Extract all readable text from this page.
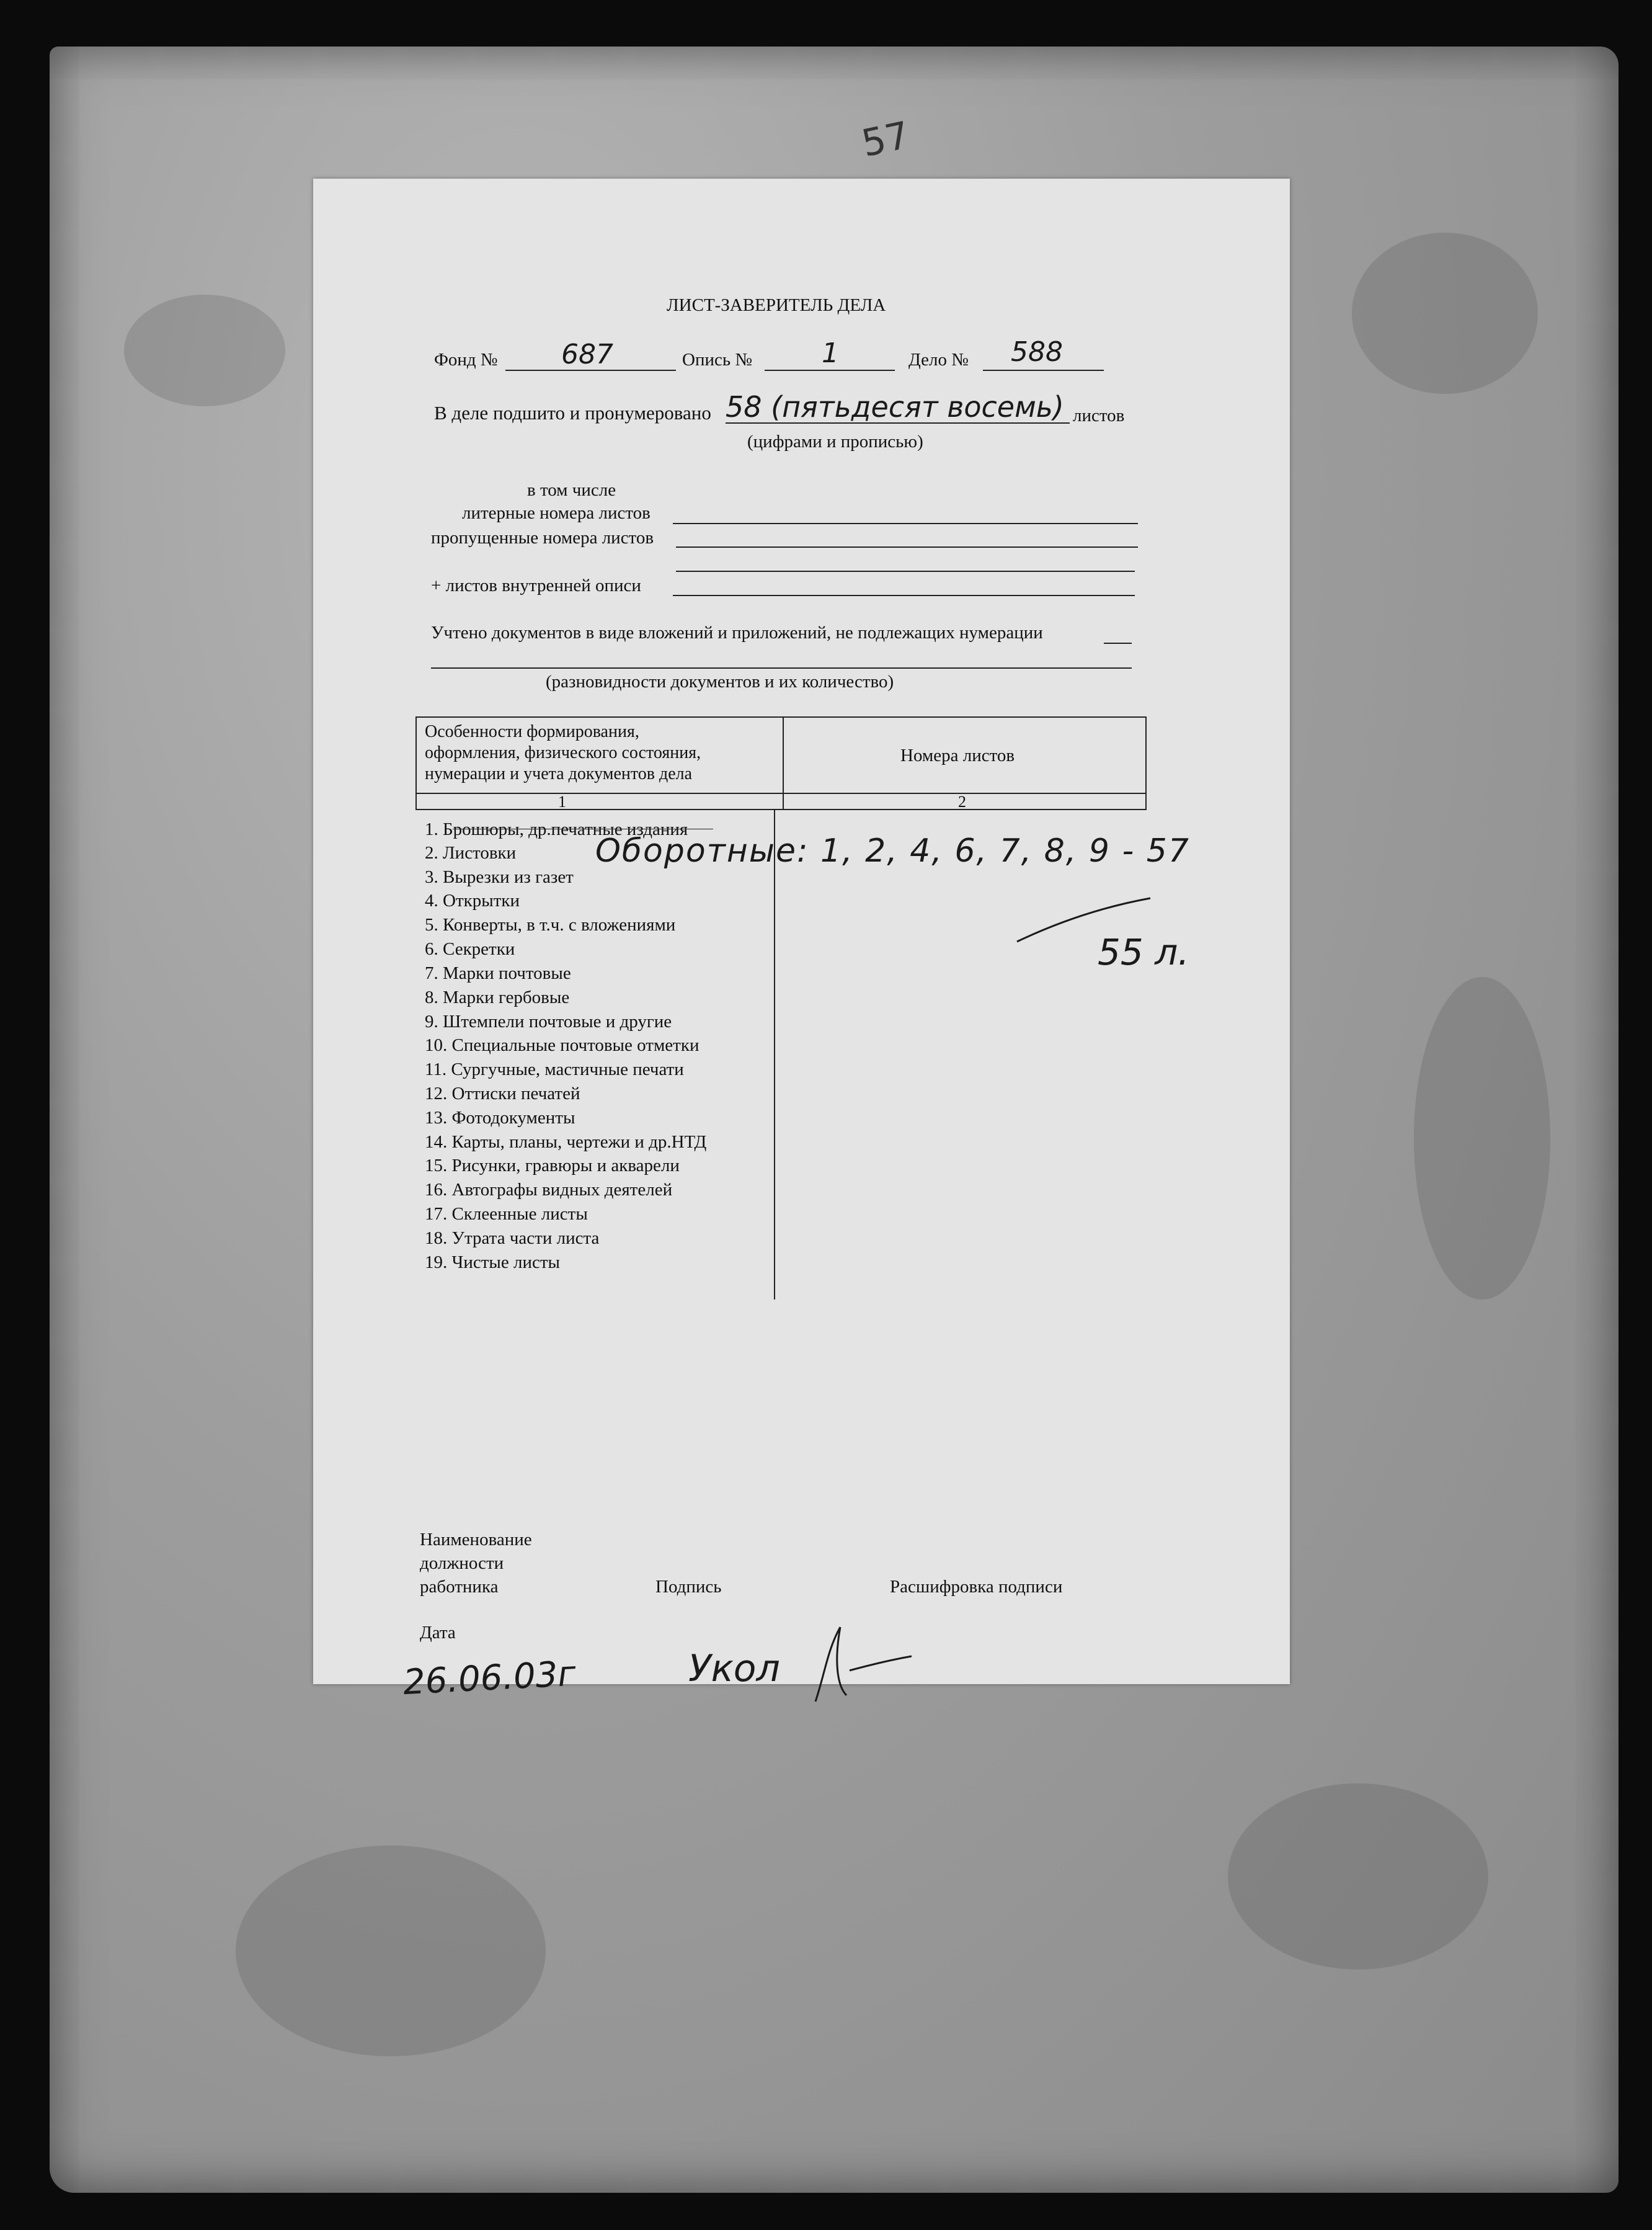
57
ЛИСТ-ЗАВЕРИТЕЛЬ ДЕЛА
Фонд № 687	Опись №	1	Дело № 588
В деле подшито и пронумеровано 58 (пятьдесят восемь) листов
(цифрами и прописью)
в том числе
литерные номера листов
пропущенные номера листов
+ листов внутренней описи
Учтено документов в виде вложений и приложений, не подлежащих нумерации
(разновидности документов и их количество)
Особенности формирования,
оформления, физического состояния,
нумерации и учета документов дела
Номера листов
1	2
1. Брошюры, др.печатные издания
2. Листовки
3. Вырезки из газет
4. Открытки
5. Конверты, в т.ч. с вложениями
6. Секретки
7. Марки почтовые
8. Марки гербовые
9. Штемпели почтовые и другие
10. Специальные почтовые отметки
11. Сургучные, мастичные печати
12. Оттиски печатей
13. Фотодокументы
14. Карты, планы, чертежи и др.НТД
15. Рисунки, гравюры и акварели
16. Автографы видных деятелей
17. Склеенные листы
18. Утрата части листа
19. Чистые листы
Оборотные: 1, 2, 4, 6, 7, 8, 9 - 57
55 л.
Наименование
должности
работника	Подпись	Расшифровка подписи
Дата
26.06.03г	Укол
